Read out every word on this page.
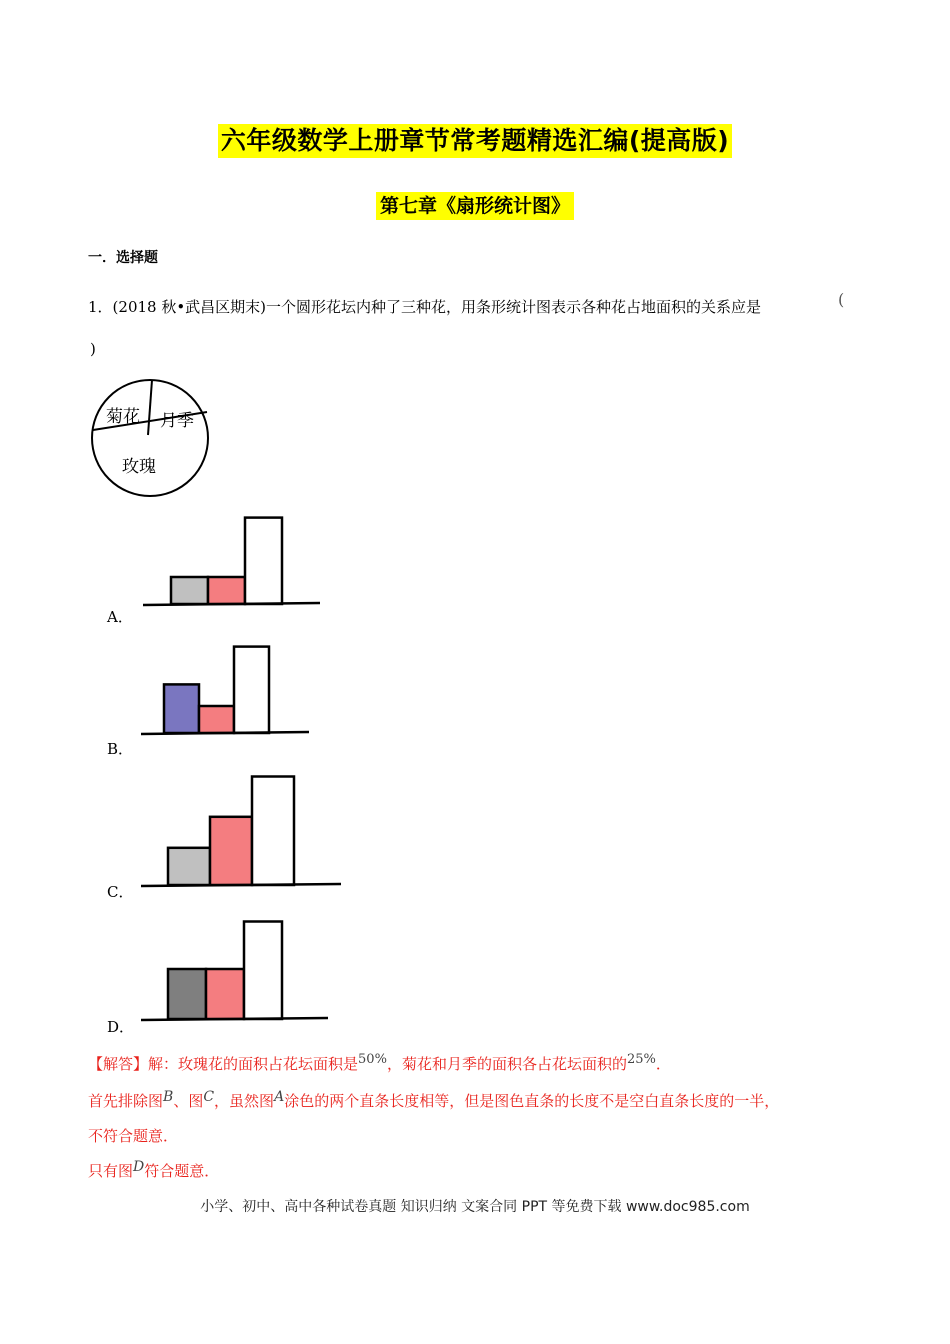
六年级数学上册章节常考题精选汇编(提高版)
第七章《扇形统计图》
一．选择题
1．(2018 秋•武昌区期末)一个圆形花坛内种了三种花，用条形统计图表示各种花占地面积的关系应是	(
)
菊花 月季
玫瑰
A．
B．
C．
D．
【解答】解：玫瑰花的面积占花坛面积是50%，菊花和月季的面积各占花坛面积的25%．
首先排除图B、图C，虽然图A涂色的两个直条长度相等，但是图色直条的长度不是空白直条长度的一半，
不符合题意．
只有图D符合题意．
小学、初中、高中各种试卷真题 知识归纳 文案合同 PPT 等免费下载 www.doc985.com
